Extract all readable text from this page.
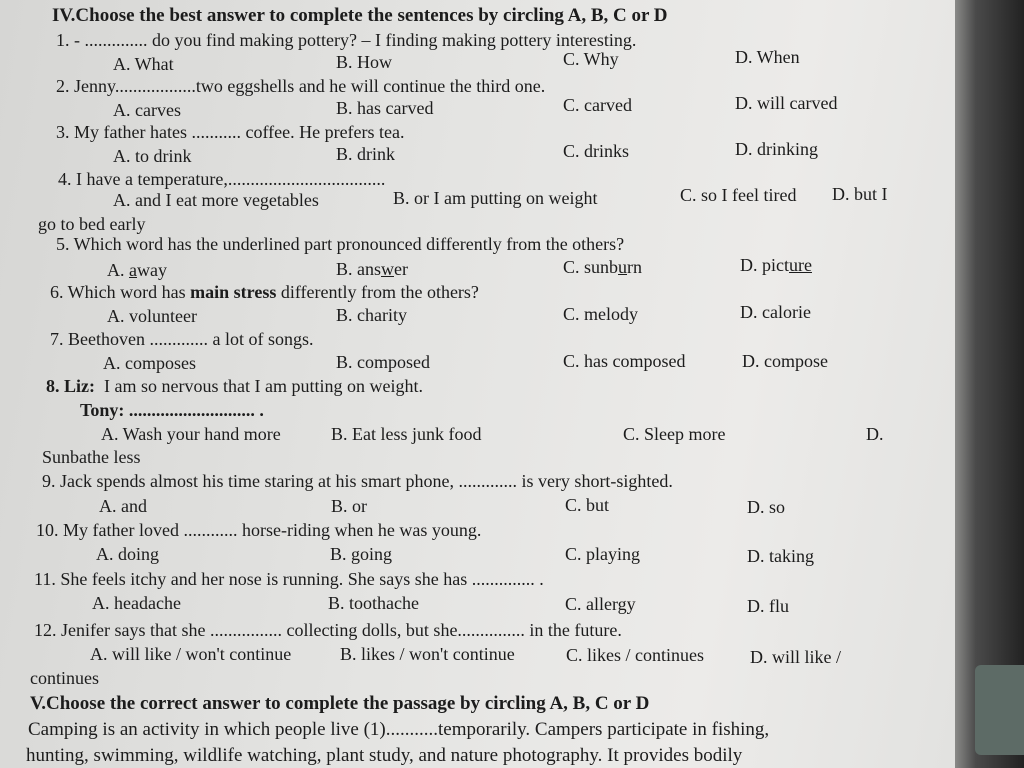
IV.Choose the best answer to complete the sentences by circling A, B, C or D
1. - .............. do you find making pottery? – I finding making pottery interesting.
A. What	B. How	C. Why	D. When
2. Jenny..................two eggshells and he will continue the third one.
A. carves	B. has carved	C. carved	D. will carved
3. My father hates ........... coffee. He prefers tea.
A. to drink	B. drink	C. drinks	D. drinking
4. I have a temperature,...................................
A. and I eat more vegetables	B. or I am putting on weight	C. so I feel tired D. but I
go to bed early
5. Which word has the underlined part pronounced differently from the others?
A. away	B. answer	C. sunburn	D. picture
6. Which word has main stress differently from the others?
A. volunteer	B. charity	C. melody	D. calorie
7. Beethoven ............. a lot of songs.
A. composes	B. composed	C. has composed	D. compose
8. Liz: I am so nervous that I am putting on weight.
Tony: ............................ .
A. Wash your hand more	B. Eat less junk food	C. Sleep more	D.
Sunbathe less
9. Jack spends almost his time staring at his smart phone, ............. is very short-sighted.
A. and	B. or	C. but	D. so
10. My father loved ............ horse-riding when he was young.
A. doing	B. going	C. playing	D. taking
11. She feels itchy and her nose is running. She says she has .............. .
A. headache	B. toothache	C. allergy	D. flu
12. Jenifer says that she ................ collecting dolls, but she............... in the future.
A. will like / won't continue	B. likes / won't continue	C. likes / continues	D. will like /
continues
V.Choose the correct answer to complete the passage by circling A, B, C or D
Camping is an activity in which people live (1)...........temporarily. Campers participate in fishing,
hunting, swimming, wildlife watching, plant study, and nature photography. It provides bodily
